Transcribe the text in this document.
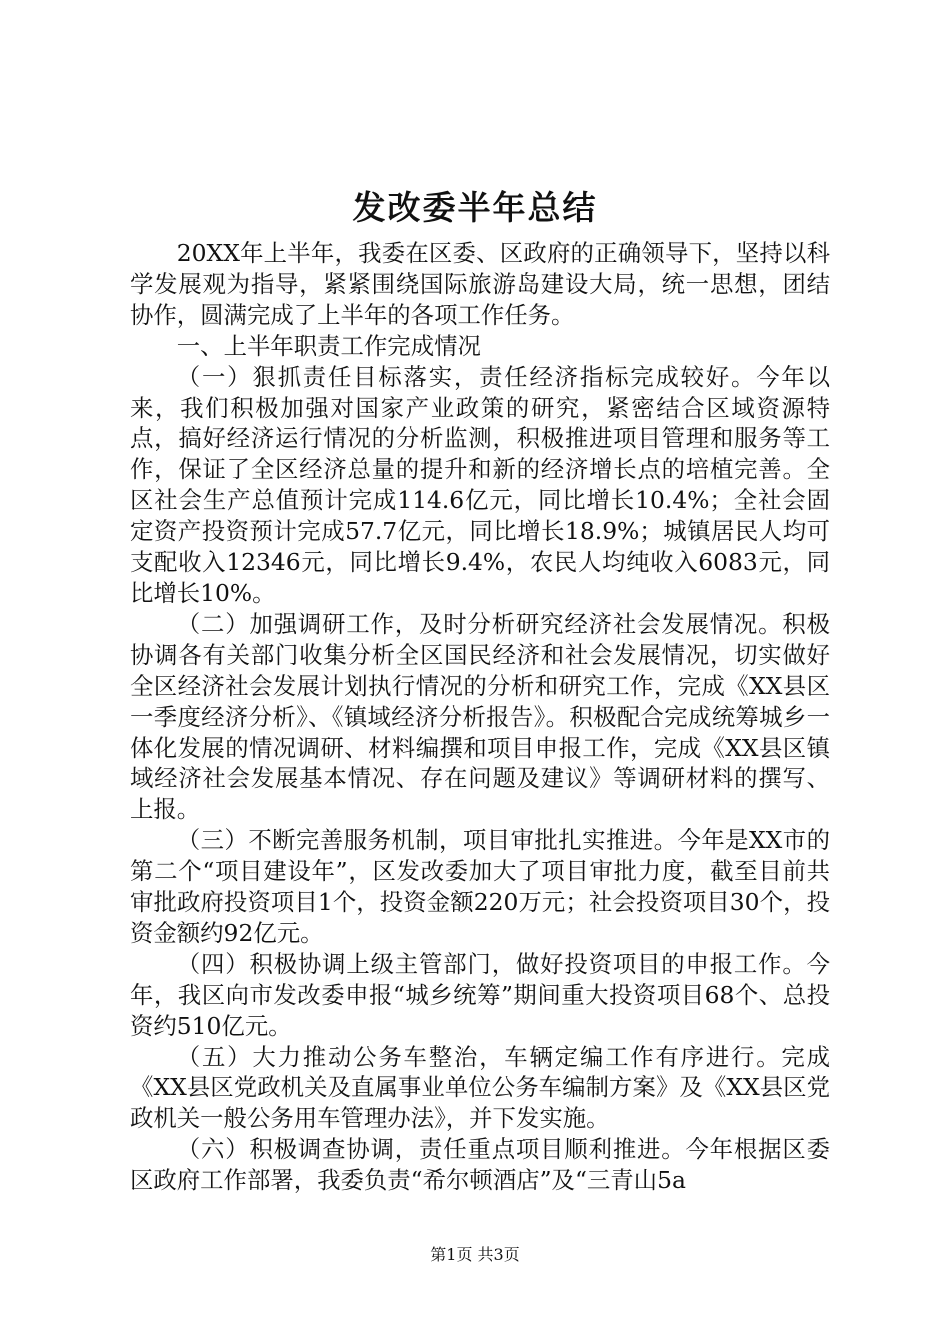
发改委半年总结

20XX年上半年，我委在区委、区政府的正确领导下，坚持以科学发展观为指导，紧紧围绕国际旅游岛建设大局，统一思想，团结协作，圆满完成了上半年的各项工作任务。

一、上半年职责工作完成情况

（一）狠抓责任目标落实，责任经济指标完成较好。今年以来，我们积极加强对国家产业政策的研究，紧密结合区域资源特点，搞好经济运行情况的分析监测，积极推进项目管理和服务等工作，保证了全区经济总量的提升和新的经济增长点的培植完善。全区社会生产总值预计完成114.6亿元，同比增长10.4%；全社会固定资产投资预计完成57.7亿元，同比增长18.9%；城镇居民人均可支配收入12346元，同比增长9.4%，农民人均纯收入6083元，同比增长10%。

（二）加强调研工作，及时分析研究经济社会发展情况。积极协调各有关部门收集分析全区国民经济和社会发展情况，切实做好全区经济社会发展计划执行情况的分析和研究工作，完成《XX县区一季度经济分析》、《镇域经济分析报告》。积极配合完成统筹城乡一体化发展的情况调研、材料编撰和项目申报工作，完成《XX县区镇域经济社会发展基本情况、存在问题及建议》等调研材料的撰写、上报。

（三）不断完善服务机制，项目审批扎实推进。今年是XX市的第二个“项目建设年”，区发改委加大了项目审批力度，截至目前共审批政府投资项目1个，投资金额220万元；社会投资项目30个，投资金额约92亿元。

（四）积极协调上级主管部门，做好投资项目的申报工作。今年，我区向市发改委申报“城乡统筹”期间重大投资项目68个、总投资约510亿元。

（五）大力推动公务车整治，车辆定编工作有序进行。完成《XX县区党政机关及直属事业单位公务车编制方案》及《XX县区党政机关一般公务用车管理办法》，并下发实施。

（六）积极调查协调，责任重点项目顺利推进。今年根据区委区政府工作部署，我委负责“希尔顿酒店”及“三青山5a

第1页 共3页
